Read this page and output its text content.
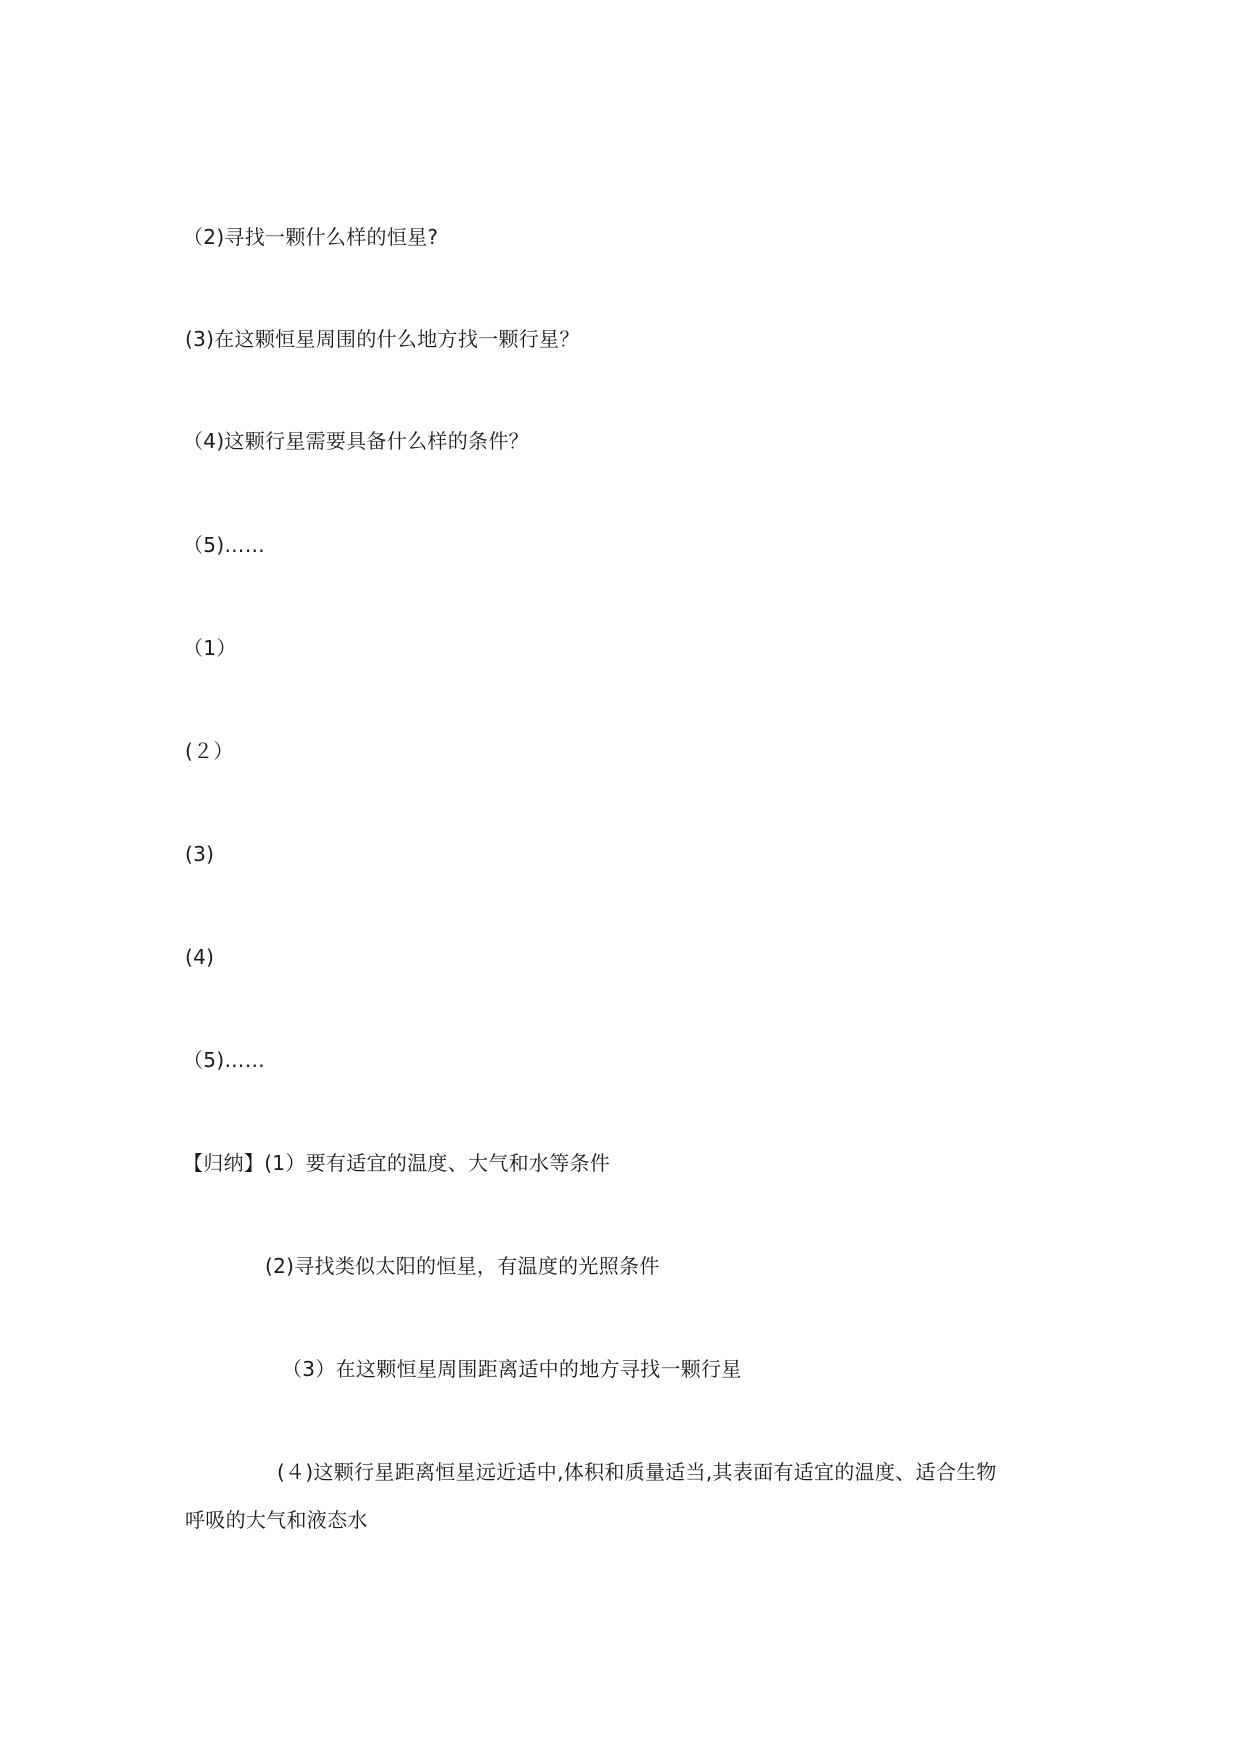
（2)寻找一颗什么样的恒星?
(3)在这颗恒星周围的什么地方找一颗行星？
（4)这颗行星需要具备什么样的条件？
（5)……
（1）
(２）
(3)
(4)
（5)……
【归纳】(1）要有适宜的温度、大气和水等条件
(2)寻找类似太阳的恒星，有温度的光照条件
（3）在这颗恒星周围距离适中的地方寻找一颗行星
(４)这颗行星距离恒星远近适中,体积和质量适当,其表面有适宜的温度、适合生物
呼吸的大气和液态水
